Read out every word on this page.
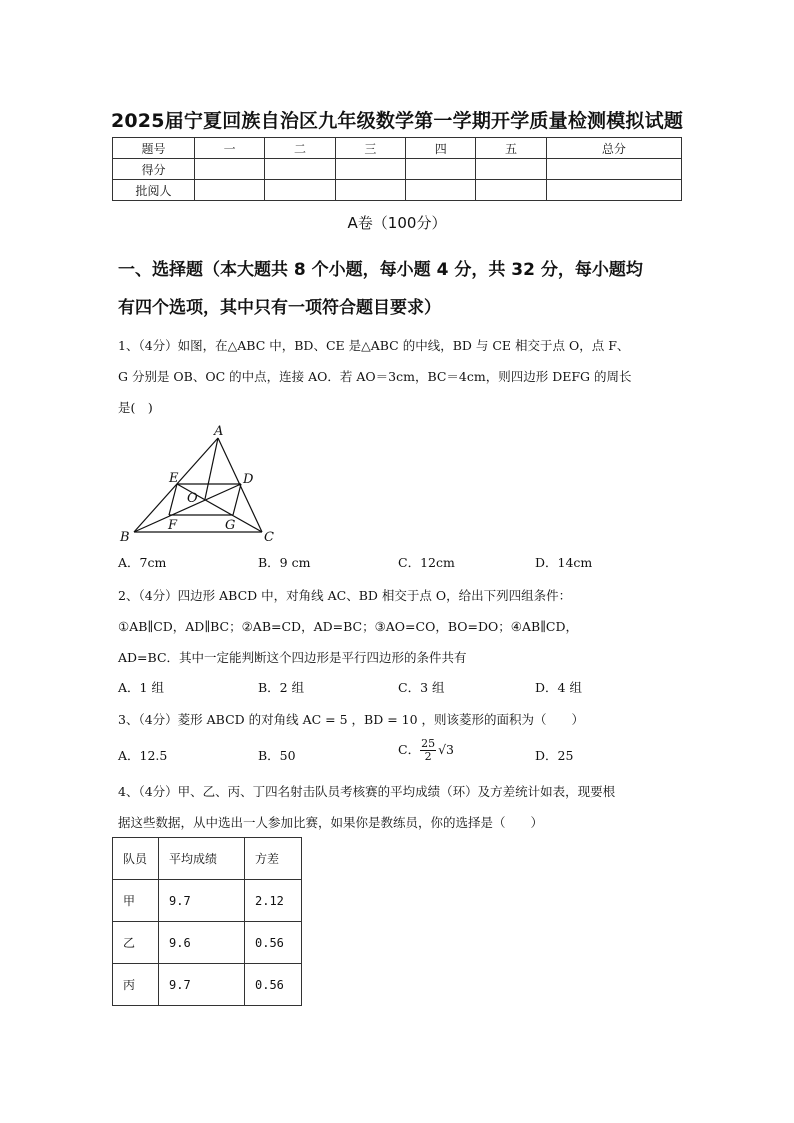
2025届宁夏回族自治区九年级数学第一学期开学质量检测模拟试题
题号	一	二	三	四	五	总分
得分						
批阅人						
A卷（100分）
一、选择题（本大题共 8 个小题，每小题 4 分，共 32 分，每小题均
有四个选项，其中只有一项符合题目要求）
1、（4分）如图，在△ABC 中，BD、CE 是△ABC 的中线，BD 与 CE 相交于点 O，点 F、
G 分别是 OB、OC 的中点，连接 AO．若 AO＝3cm，BC＝4cm，则四边形 DEFG 的周长
是(　)
A
B	C
D
E
F	G
O
A．7cm	B．9 cm	C．12cm	D．14cm
2、（4分）四边形 ABCD 中，对角线 AC、BD 相交于点 O，给出下列四组条件：
①AB∥CD，AD∥BC；②AB=CD，AD=BC；③AO=CO，BO=DO；④AB∥CD，
AD=BC．其中一定能判断这个四边形是平行四边形的条件共有
A．1 组	B．2 组	C．3 组	D．4 组
3、（4分）菱形 ABCD 的对角线 AC = 5 ，BD = 10 ，则该菱形的面积为（　　）
A．12.5	B．50	C． $\frac{25}{2} √3$	D．25
4、（4分）甲、乙、丙、丁四名射击队员考核赛的平均成绩（环）及方差统计如表，现要根
据这些数据，从中选出一人参加比赛，如果你是教练员，你的选择是（　　）
队员	平均成绩	方差
甲	9.7	2.12
乙	9.6	0.56
丙	9.7	0.56
